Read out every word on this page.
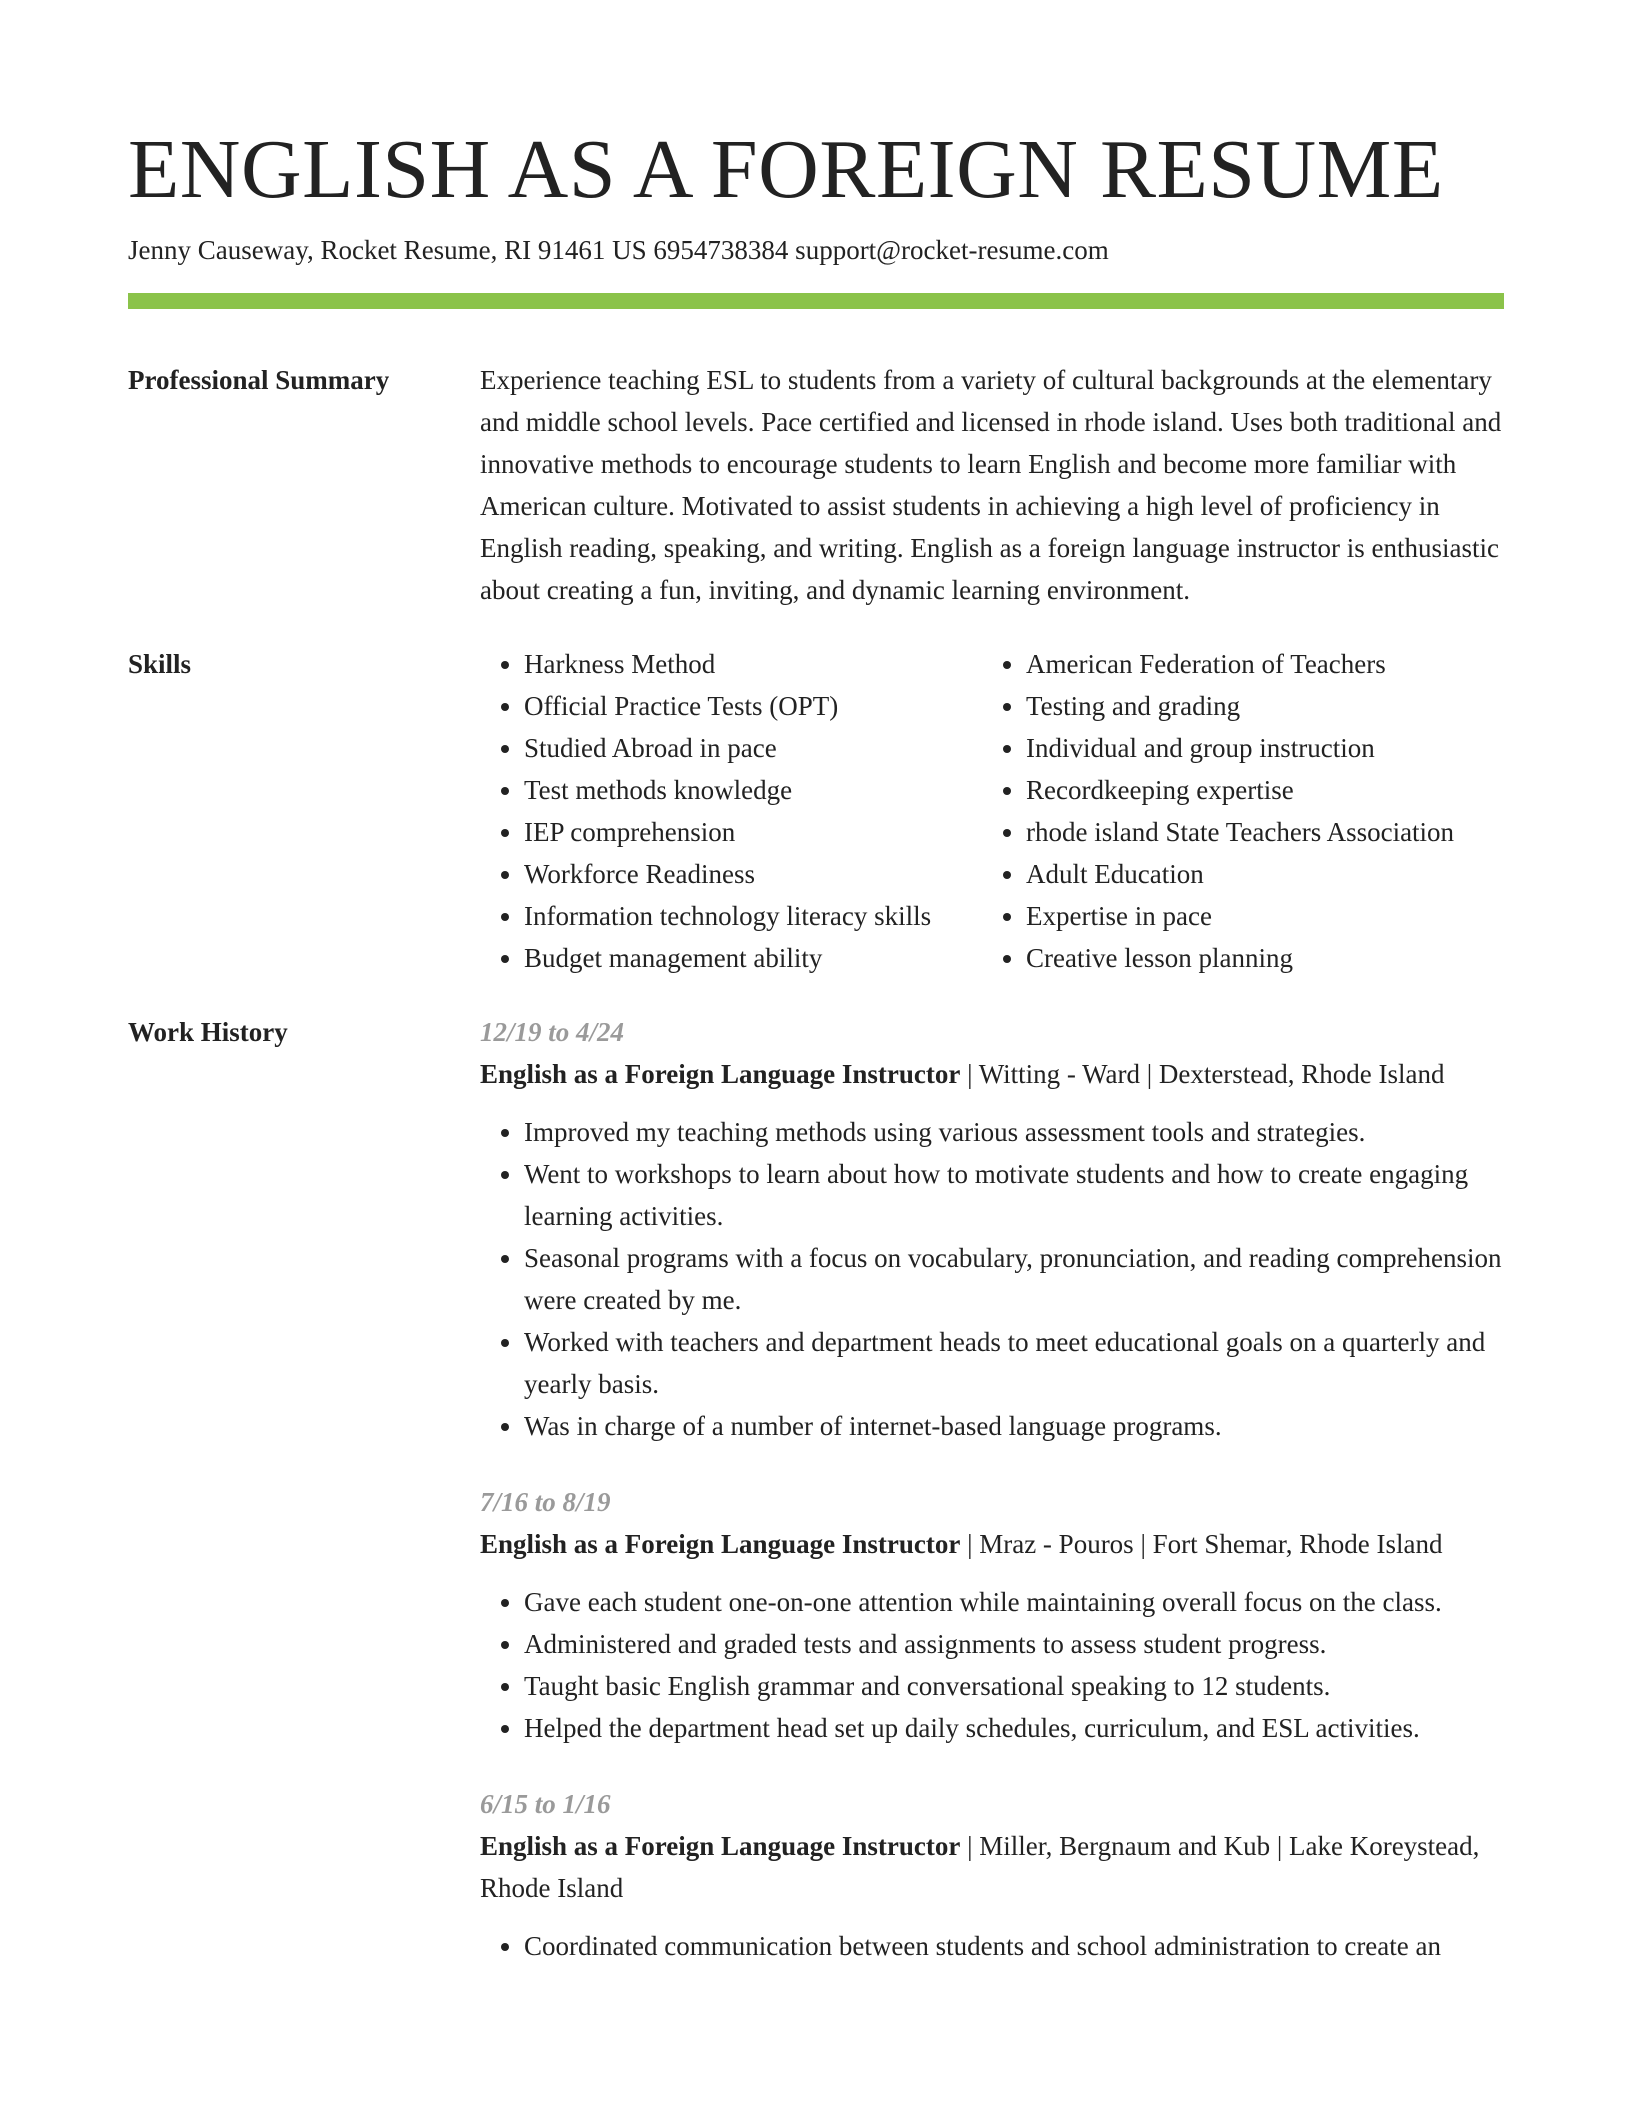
ENGLISH AS A FOREIGN RESUME
Jenny Causeway, Rocket Resume, RI 91461 US 6954738384 support@rocket-resume.com
Professional Summary	Experience teaching ESL to students from a variety of cultural backgrounds at the elementary and middle school levels. Pace certified and licensed in rhode island. Uses both traditional and innovative methods to encourage students to learn English and become more familiar with American culture. Motivated to assist students in achieving a high level of proficiency in English reading, speaking, and writing. English as a foreign language instructor is enthusiastic about creating a fun, inviting, and dynamic learning environment.

Skills
•	Harkness Method
• Official Practice Tests (OPT)
• Studied Abroad in pace
• Test methods knowledge
• IEP comprehension
• Workforce Readiness
• Information technology literacy skills
• Budget management ability
• American Federation of Teachers
• Testing and grading
• Individual and group instruction
• Recordkeeping expertise
• rhode island State Teachers Association
• Adult Education
• Expertise in pace
• Creative lesson planning
Work History	12/19 to 4/24
English as a Foreign Language Instructor | Witting - Ward | Dexterstead, Rhode Island
• Improved my teaching methods using various assessment tools and strategies.
• Went to workshops to learn about how to motivate students and how to create engaging learning activities.
• Seasonal programs with a focus on vocabulary, pronunciation, and reading comprehension were created by me.
• Worked with teachers and department heads to meet educational goals on a quarterly and yearly basis.
• Was in charge of a number of internet-based language programs.
7/16 to 8/19
English as a Foreign Language Instructor | Mraz - Pouros | Fort Shemar, Rhode Island
• Gave each student one-on-one attention while maintaining overall focus on the class.
• Administered and graded tests and assignments to assess student progress.
• Taught basic English grammar and conversational speaking to 12 students.
• Helped the department head set up daily schedules, curriculum, and ESL activities.
6/15 to 1/16
English as a Foreign Language Instructor | Miller, Bergnaum and Kub | Lake Koreystead, Rhode Island
• Coordinated communication between students and school administration to create an
